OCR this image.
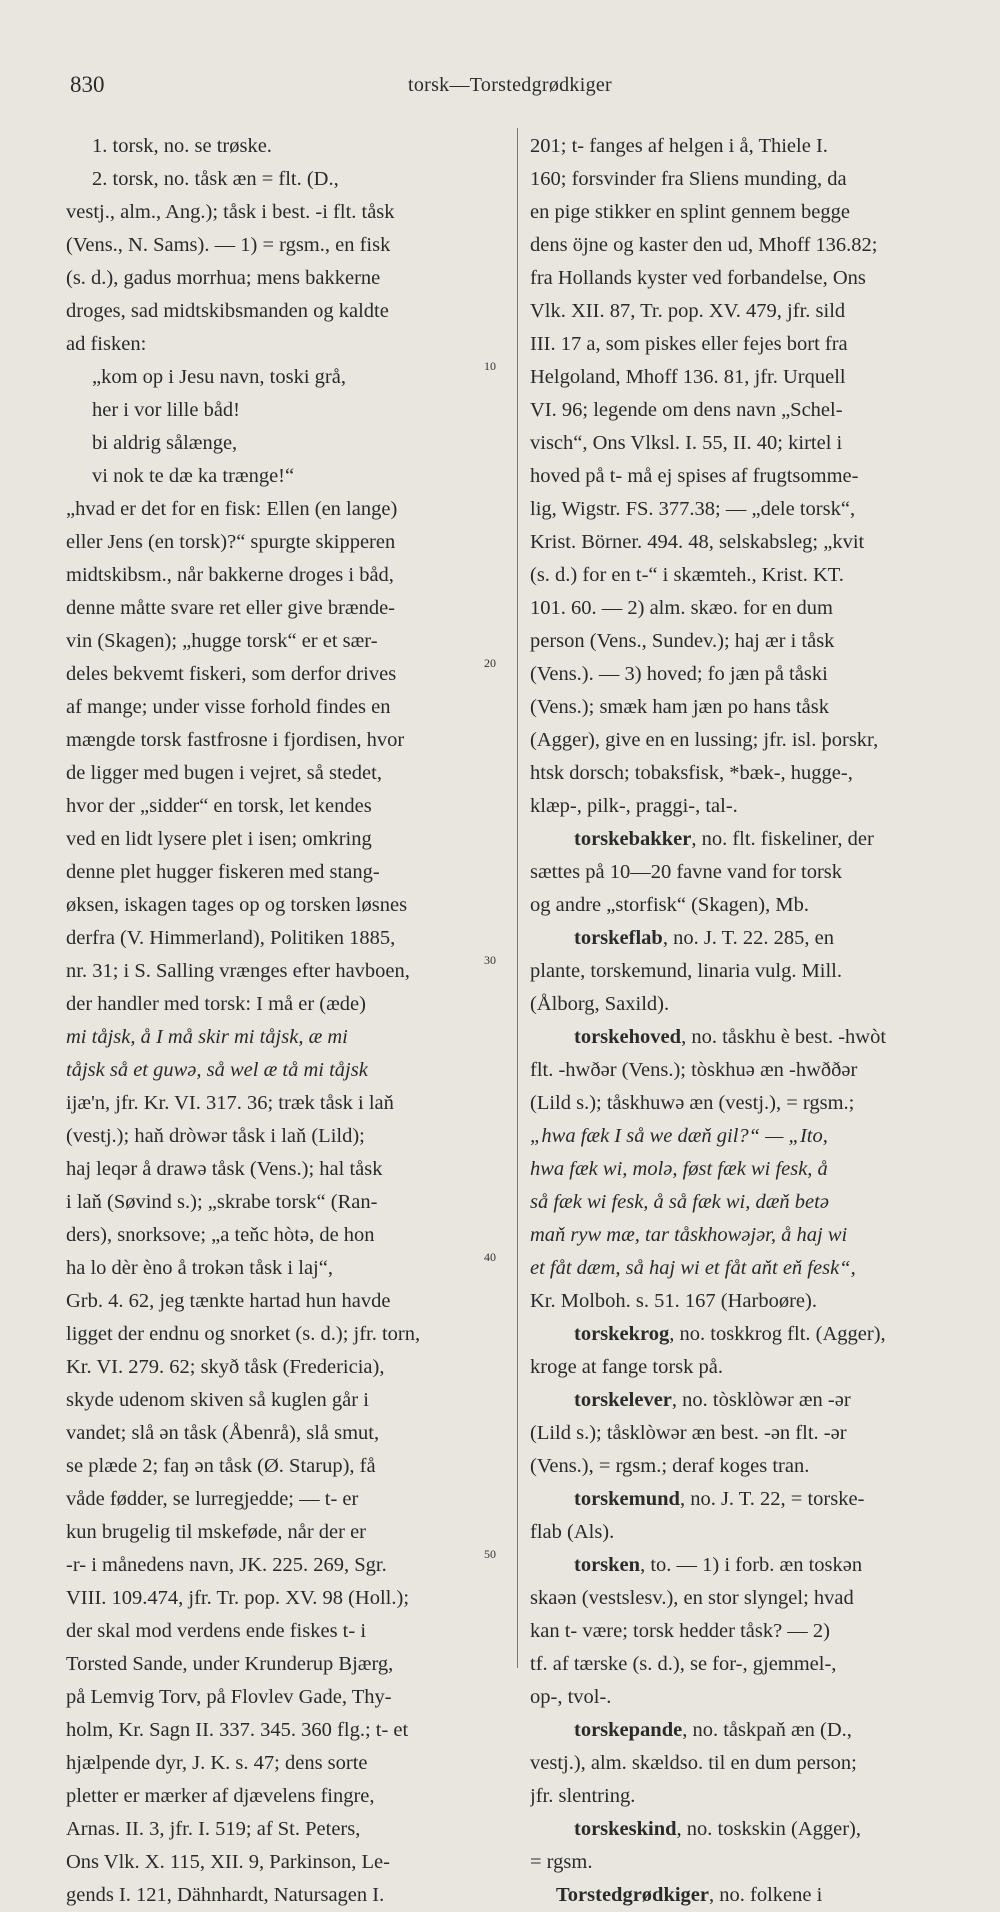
830	torsk—Torstedgrødkiger
10
20
30
40
50
1. torsk, no. se trøske.
2. torsk, no. tåsk æn = flt. (D.,
vestj., alm., Ang.); tåsk i best. -i flt. tåsk
(Vens., N. Sams). — 1) = rgsm., en fisk
(s. d.), gadus morrhua; mens bakkerne
droges, sad midtskibsmanden og kaldte
ad fisken:
„kom op i Jesu navn, toski grå,
her i vor lille båd!
bi aldrig sålænge,
vi nok te dæ ka trænge!“
„hvad er det for en fisk: Ellen (en lange)
eller Jens (en torsk)?“ spurgte skipperen
midtskibsm., når bakkerne droges i båd,
denne måtte svare ret eller give brænde-
vin (Skagen); „hugge torsk“ er et sær-
deles bekvemt fiskeri, som derfor drives
af mange; under visse forhold findes en
mængde torsk fastfrosne i fjordisen, hvor
de ligger med bugen i vejret, så stedet,
hvor der „sidder“ en torsk, let kendes
ved en lidt lysere plet i isen; omkring
denne plet hugger fiskeren med stang-
øksen, iskagen tages op og torsken løsnes
derfra (V. Himmerland), Politiken 1885,
nr. 31; i S. Salling vrænges efter havboen,
der handler med torsk: I må er (æde)
mi tåjsk, å I må skir mi tåjsk, æ mi
tåjsk så et guwə, så wel æ tå mi tåjsk
ijæ'n, jfr. Kr. VI. 317. 36; træk tåsk i laň
(vestj.); haň dròwər tåsk i laň (Lild);
haj leqər å drawə tåsk (Vens.); hal tåsk
i laň (Søvind s.); „skrabe torsk“ (Ran-
ders), snorksove; „a teňc hòtə, de hon
ha lo dèr èno å trokən tåsk i laj“,
Grb. 4. 62, jeg tænkte hartad hun havde
ligget der endnu og snorket (s. d.); jfr. torn,
Kr. VI. 279. 62; skyð tåsk (Fredericia),
skyde udenom skiven så kuglen går i
vandet; slå ən tåsk (Åbenrå), slå smut,
se plæde 2; faŋ ən tåsk (Ø. Starup), få
våde fødder, se lurregjedde; — t- er
kun brugelig til mskeføde, når der er
-r- i månedens navn, JK. 225. 269, Sgr.
VIII. 109.474, jfr. Tr. pop. XV. 98 (Holl.);
der skal mod verdens ende fiskes t- i
Torsted Sande, under Krunderup Bjærg,
på Lemvig Torv, på Flovlev Gade, Thy-
holm, Kr. Sagn II. 337. 345. 360 flg.; t- et
hjælpende dyr, J. K. s. 47; dens sorte
pletter er mærker af djævelens fingre,
Arnas. II. 3, jfr. I. 519; af St. Peters,
Ons Vlk. X. 115, XII. 9, Parkinson, Le-
gends I. 121, Dähnhardt, Natursagen I.
201; t- fanges af helgen i å, Thiele I.
160; forsvinder fra Sliens munding, da
en pige stikker en splint gennem begge
dens öjne og kaster den ud, Mhoff 136.82;
fra Hollands kyster ved forbandelse, Ons
Vlk. XII. 87, Tr. pop. XV. 479, jfr. sild
III. 17 a, som piskes eller fejes bort fra
Helgoland, Mhoff 136. 81, jfr. Urquell
VI. 96; legende om dens navn „Schel-
visch“, Ons Vlksl. I. 55, II. 40; kirtel i
hoved på t- må ej spises af frugtsomme-
lig, Wigstr. FS. 377.38; — „dele torsk“,
Krist. Börner. 494. 48, selskabsleg; „kvit
(s. d.) for en t-“ i skæmteh., Krist. KT.
101. 60. — 2) alm. skæo. for en dum
person (Vens., Sundev.); haj ær i tåsk
(Vens.). — 3) hoved; fo jæn på tåski
(Vens.); smæk ham jæn po hans tåsk
(Agger), give en en lussing; jfr. isl. þorskr,
htsk dorsch; tobaksfisk, *bæk-, hugge-,
klæp-, pilk-, praggi-, tal-.
torskebakker, no. flt. fiskeliner, der
sættes på 10—20 favne vand for torsk
og andre „storfisk“ (Skagen), Mb.
torskeflab, no. J. T. 22. 285, en
plante, torskemund, linaria vulg. Mill.
(Ålborg, Saxild).
torskehoved, no. tåskhu è best. -hwòt
flt. -hwðər (Vens.); tòskhuə æn -hwððər
(Lild s.); tåskhuwə æn (vestj.), = rgsm.;
„hwa fæk I så we dæň gil?“ — „Ito,
hwa fæk wi, molə, føst fæk wi fesk, å
så fæk wi fesk, å så fæk wi, dæň betə
maň ryw mæ, tar tåskhowəjər, å haj wi
et fåt dæm, så haj wi et fåt aňt eň fesk“,
Kr. Molboh. s. 51. 167 (Harboøre).
torskekrog, no. toskkrog flt. (Agger),
kroge at fange torsk på.
torskelever, no. tòsklòwər æn -ər
(Lild s.); tåsklòwər æn best. -ən flt. -ər
(Vens.), = rgsm.; deraf koges tran.
torskemund, no. J. T. 22, = torske-
flab (Als).
torsken, to. — 1) i forb. æn toskən
skaən (vestslesv.), en stor slyngel; hvad
kan t- være; torsk hedder tåsk? — 2)
tf. af tærske (s. d.), se for-, gjemmel-,
op-, tvol-.
torskepande, no. tåskpaň æn (D.,
vestj.), alm. skældso. til en dum person;
jfr. slentring.
torskeskind, no. toskskin (Agger),
= rgsm.
Torstedgrødkiger, no. folkene i
